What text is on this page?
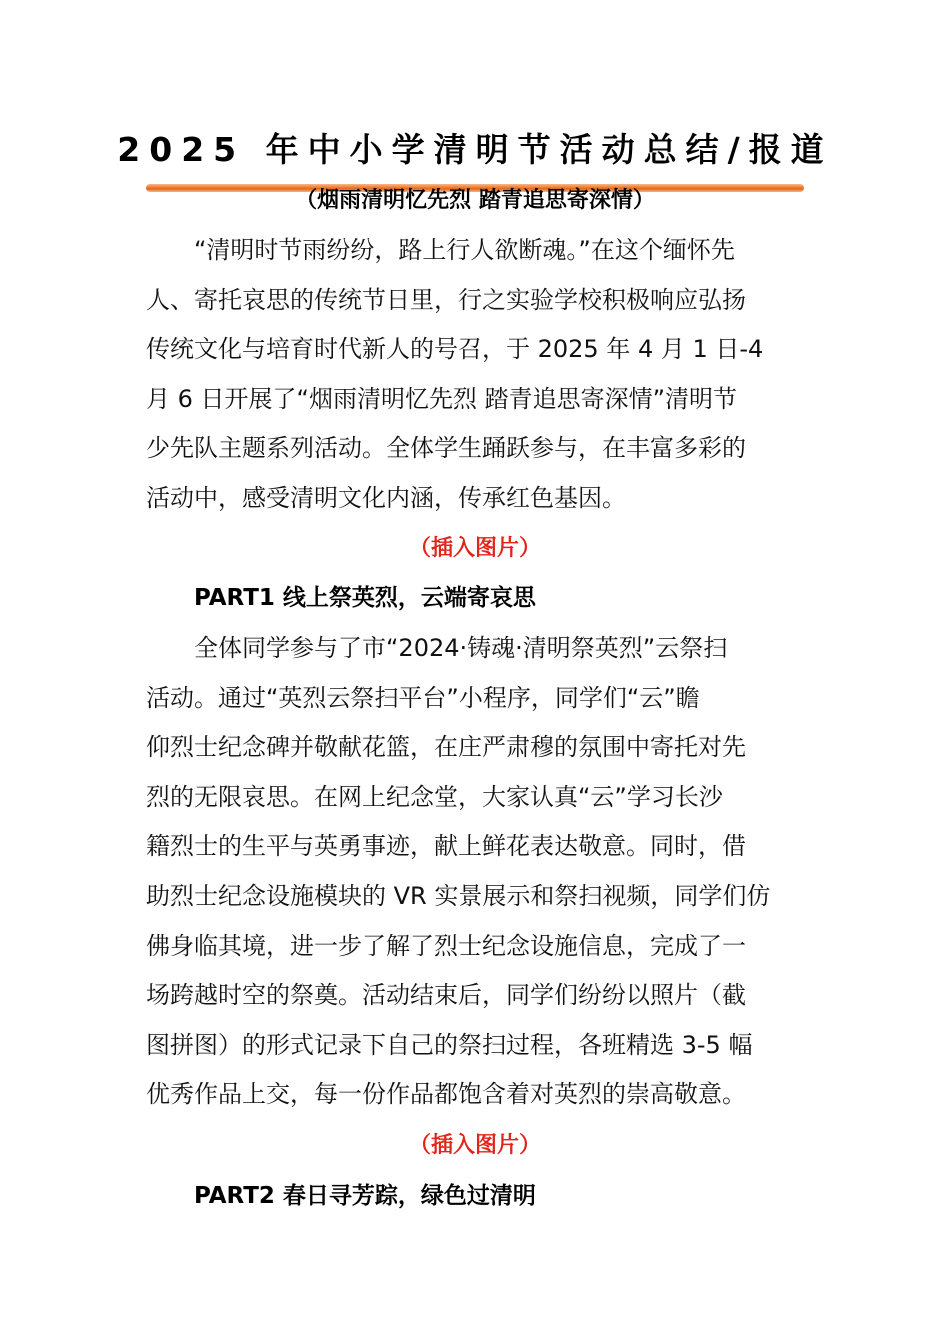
2025 年中小学清明节活动总结/报道
（烟雨清明忆先烈 踏青追思寄深情）
“清明时节雨纷纷，路上行人欲断魂。”在这个缅怀先
人、寄托哀思的传统节日里，行之实验学校积极响应弘扬
传统文化与培育时代新人的号召，于 2025 年 4 月 1 日-4
月 6 日开展了“烟雨清明忆先烈 踏青追思寄深情”清明节
少先队主题系列活动。全体学生踊跃参与，在丰富多彩的
活动中，感受清明文化内涵，传承红色基因。
（插入图片）
PART1 线上祭英烈，云端寄哀思
全体同学参与了市“2024·铸魂·清明祭英烈”云祭扫
活动。通过“英烈云祭扫平台”小程序，同学们“云”瞻
仰烈士纪念碑并敬献花篮，在庄严肃穆的氛围中寄托对先
烈的无限哀思。在网上纪念堂，大家认真“云”学习长沙
籍烈士的生平与英勇事迹，献上鲜花表达敬意。同时，借
助烈士纪念设施模块的 VR 实景展示和祭扫视频，同学们仿
佛身临其境，进一步了解了烈士纪念设施信息，完成了一
场跨越时空的祭奠。活动结束后，同学们纷纷以照片（截
图拼图）的形式记录下自己的祭扫过程，各班精选 3-5 幅
优秀作品上交，每一份作品都饱含着对英烈的崇高敬意。
（插入图片）
PART2 春日寻芳踪，绿色过清明
